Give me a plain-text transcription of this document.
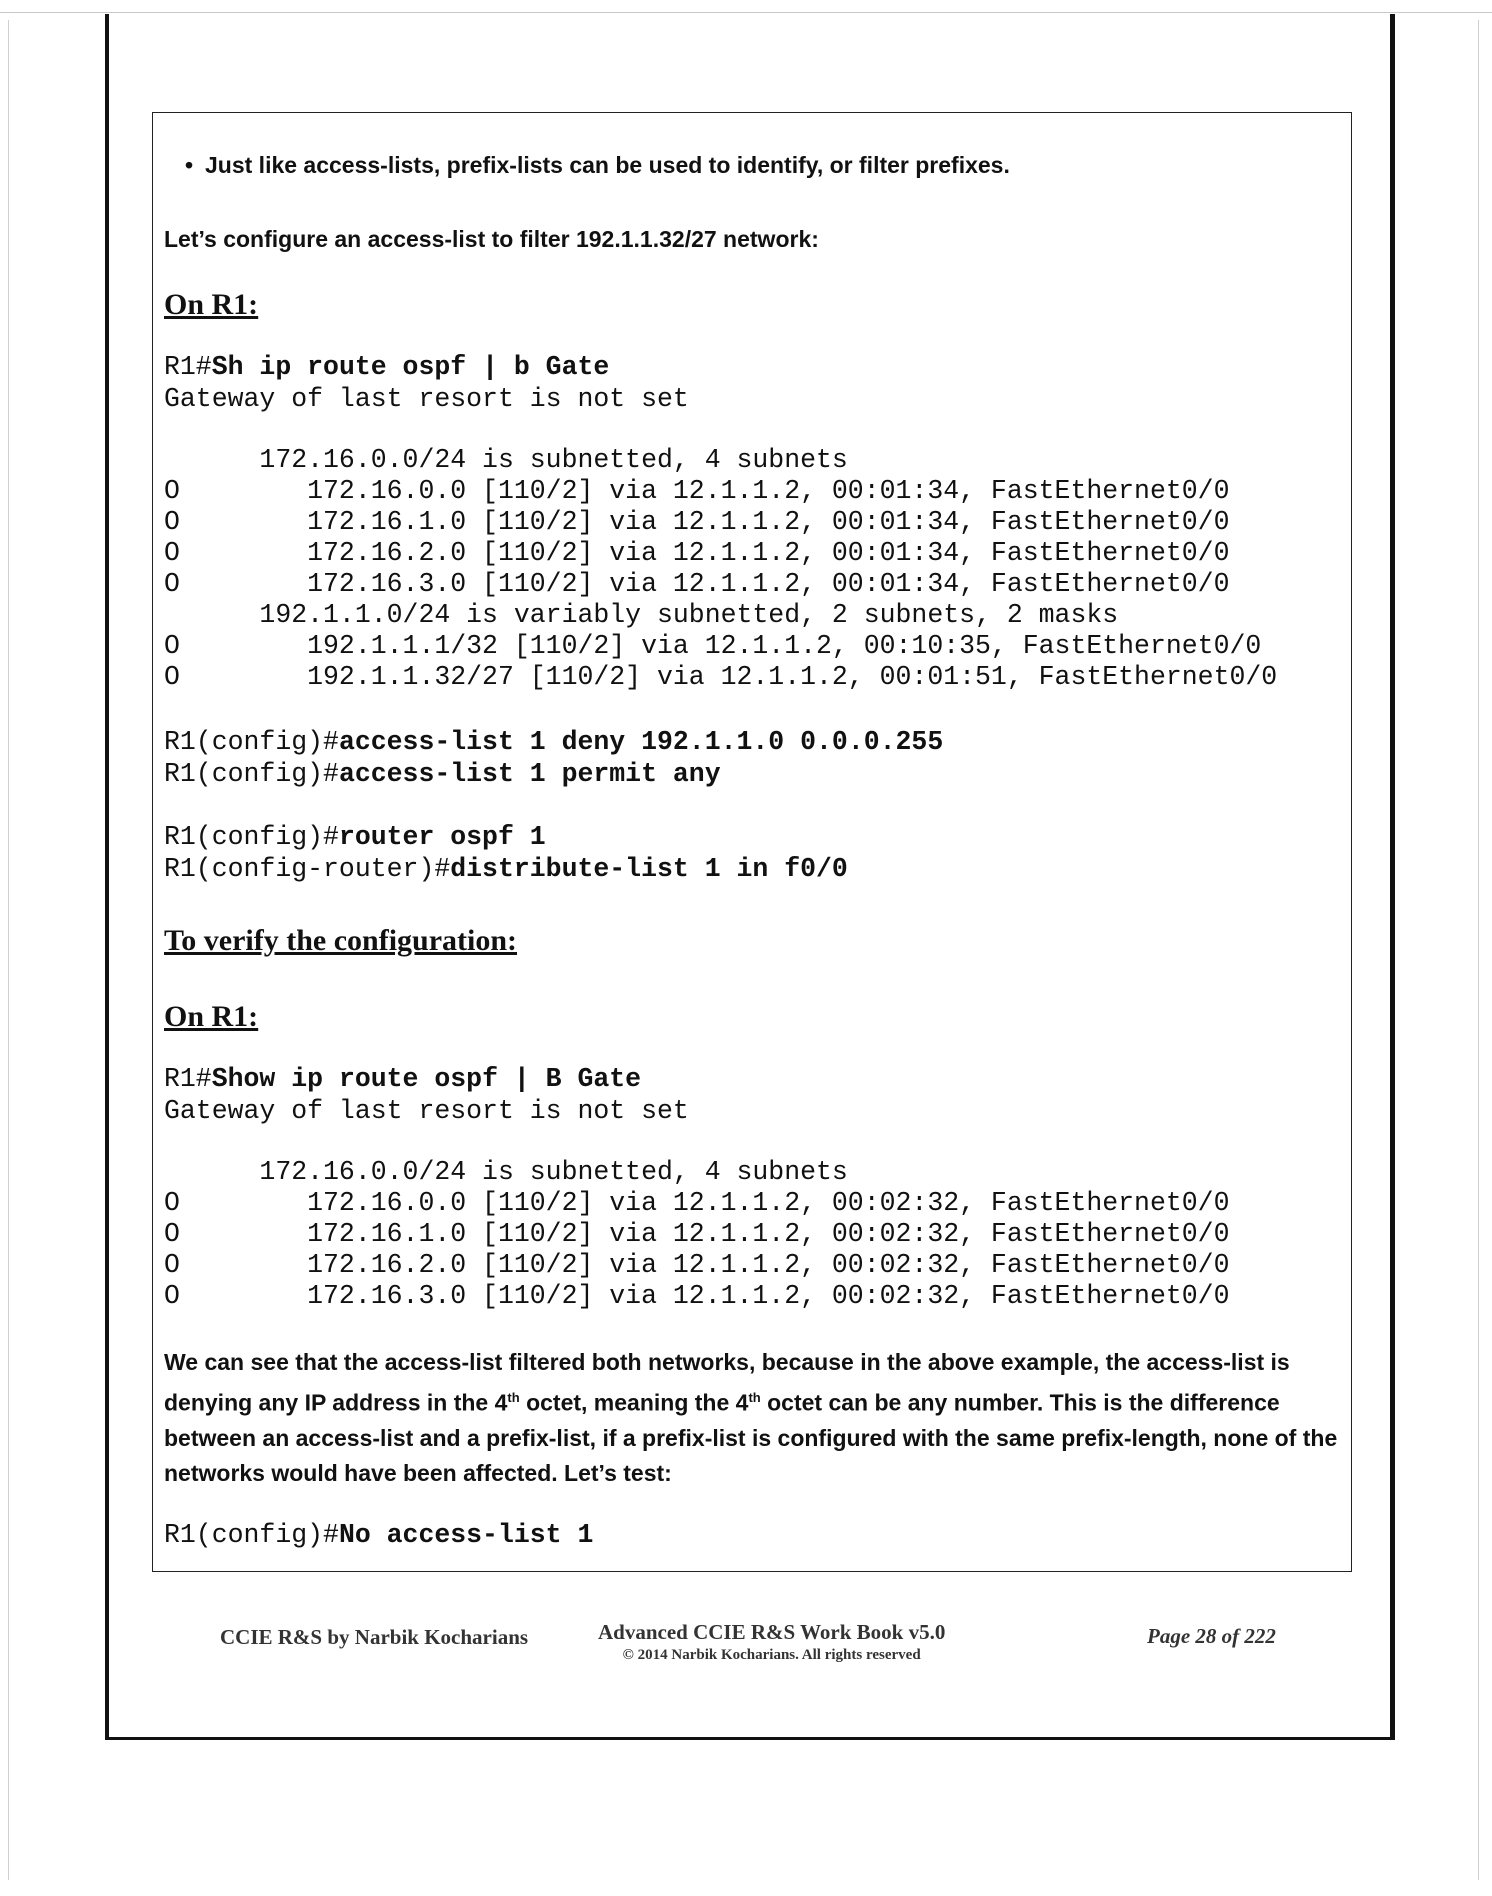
• Just like access-lists, prefix-lists can be used to identify, or filter prefixes.
Let’s configure an access-list to filter 192.1.1.32/27 network:
On R1:
R1#Sh ip route ospf | b Gate
Gateway of last resort is not set
172.16.0.0/24 is subnetted, 4 subnets
O        172.16.0.0 [110/2] via 12.1.1.2, 00:01:34, FastEthernet0/0
O        172.16.1.0 [110/2] via 12.1.1.2, 00:01:34, FastEthernet0/0
O        172.16.2.0 [110/2] via 12.1.1.2, 00:01:34, FastEthernet0/0
O        172.16.3.0 [110/2] via 12.1.1.2, 00:01:34, FastEthernet0/0
192.1.1.0/24 is variably subnetted, 2 subnets, 2 masks
O        192.1.1.1/32 [110/2] via 12.1.1.2, 00:10:35, FastEthernet0/0
O        192.1.1.32/27 [110/2] via 12.1.1.2, 00:01:51, FastEthernet0/0
R1(config)#access-list 1 deny 192.1.1.0 0.0.0.255
R1(config)#access-list 1 permit any
R1(config)#router ospf 1
R1(config-router)#distribute-list 1 in f0/0
To verify the configuration:
On R1:
R1#Show ip route ospf | B Gate
Gateway of last resort is not set
172.16.0.0/24 is subnetted, 4 subnets
O        172.16.0.0 [110/2] via 12.1.1.2, 00:02:32, FastEthernet0/0
O        172.16.1.0 [110/2] via 12.1.1.2, 00:02:32, FastEthernet0/0
O        172.16.2.0 [110/2] via 12.1.1.2, 00:02:32, FastEthernet0/0
O        172.16.3.0 [110/2] via 12.1.1.2, 00:02:32, FastEthernet0/0
We can see that the access-list filtered both networks, because in the above example, the access-list is denying any IP address in the 4th octet, meaning the 4th octet can be any number. This is the difference between an access-list and a prefix-list, if a prefix-list is configured with the same prefix-length, none of the networks would have been affected. Let’s test:
R1(config)#No access-list 1
CCIE R&S by Narbik Kocharians	Advanced CCIE R&S Work Book v5.0
© 2014 Narbik Kocharians. All rights reserved
Page 28 of 222
